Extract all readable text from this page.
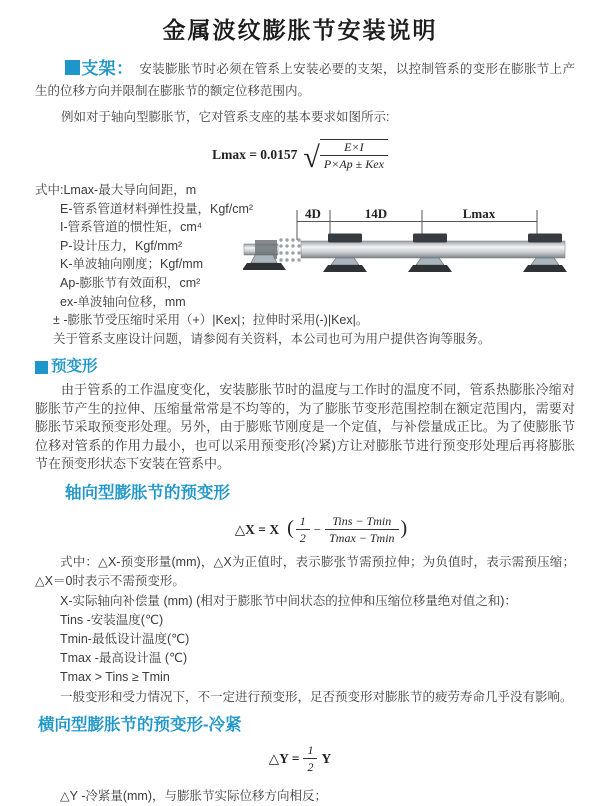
金属波纹膨胀节安装说明

支架： 安装膨胀节时必须在管系上安装必要的支架，以控制管系的变形在膨胀节上产生的位移方向并限制在膨胀节的额定位移范围内。

例如对于轴向型膨胀节，它对管系支座的基本要求如图所示:

Lmax = 0.0157 √ $\frac{E\times I}{\text{P×Ap ± Kex}}$
式中:Lmax-最大导向间距，m
E-管系管道材料弹性投量，Kgf/cm²
I-管系管道的惯性矩，cm⁴
P-设计压力，Kgf/mm²
K-单波轴向刚度；Kgf/mm
Ap-膨胀节有效面积，cm²
ex-单波轴向位移，mm
± -膨胀节受压缩时采用（+）|Kex|；拉伸时采用(-)|Kex|。
关于管系支座设计问题，请参阅有关资料，本公司也可为用户提供咨询等服务。
4D	14D	Lmax
预变形

由于管系的工作温度变化，安装膨胀节时的温度与工作时的温度不同，管系热膨胀冷缩对膨胀节产生的拉伸、压缩量常常是不均等的，为了膨胀节变形范围控制在额定范围内，需要对膨胀节采取预变形处理。另外，由于膨账节刚度是一个定值，与补偿量成正比。为了使膨胀节位移对管系的作用力最小，也可以采用预变形(冷紧)方让对膨胀节进行预变形处理后再将膨胀节在预变形状态下安装在管系中。

轴向型膨胀节的预变形
△X = X ( $\frac{1}{2} - \frac{\text{Tins − Tmin}}{Tmax - Tmin}$ )

式中：△X-预变形量(mm)，△X为正值时，表示膨张节需预拉伸；为负值时，表示需预压缩；△X＝0时表示不需预变形。

X-实际轴向补偿量 (mm) (相对于膨胀节中间状态的拉伸和压缩位移量绝对值之和)：
Tins -安装温度(℃)
Tmin-最低设计温度(℃)
Tmax -最高设计温 (℃)
Tmax > Tins ≥ Tmin

一般变形和受力情况下，不一定进行预变形，足否预变形对膨胀节的疲劳寿命几乎没有影响。

横向型膨胀节的预变形-冷紧
△Y = $\frac{1}{2}$ Y
△Y -冷紧量(mm)，与膨胀节实际位移方向相反；
